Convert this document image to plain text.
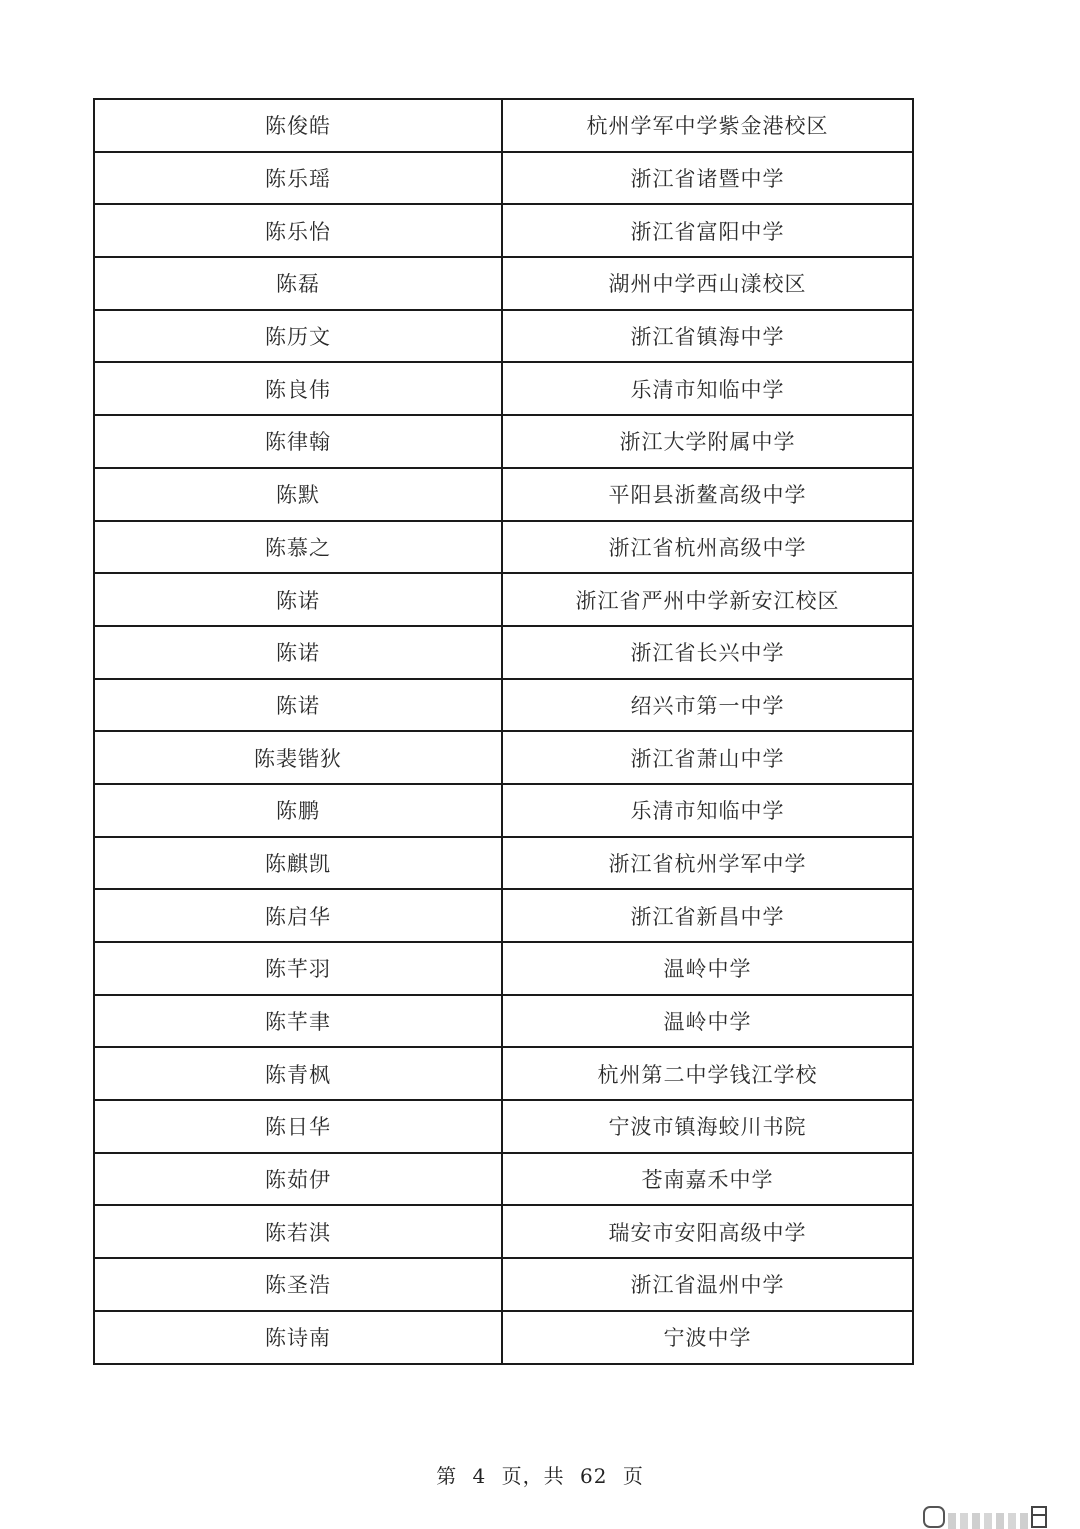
陈俊皓	杭州学军中学紫金港校区
陈乐瑶	浙江省诸暨中学
陈乐怡	浙江省富阳中学
陈磊	湖州中学西山漾校区
陈历文	浙江省镇海中学
陈良伟	乐清市知临中学
陈律翰	浙江大学附属中学
陈默	平阳县浙鳌高级中学
陈慕之	浙江省杭州高级中学
陈诺	浙江省严州中学新安江校区
陈诺	浙江省长兴中学
陈诺	绍兴市第一中学
陈裴锴狄	浙江省萧山中学
陈鹏	乐清市知临中学
陈麒凯	浙江省杭州学军中学
陈启华	浙江省新昌中学
陈芊羽	温岭中学
陈芊聿	温岭中学
陈青枫	杭州第二中学钱江学校
陈日华	宁波市镇海蛟川书院
陈茹伊	苍南嘉禾中学
陈若淇	瑞安市安阳高级中学
陈圣浩	浙江省温州中学
陈诗南	宁波中学
第 4 页，共 62 页
